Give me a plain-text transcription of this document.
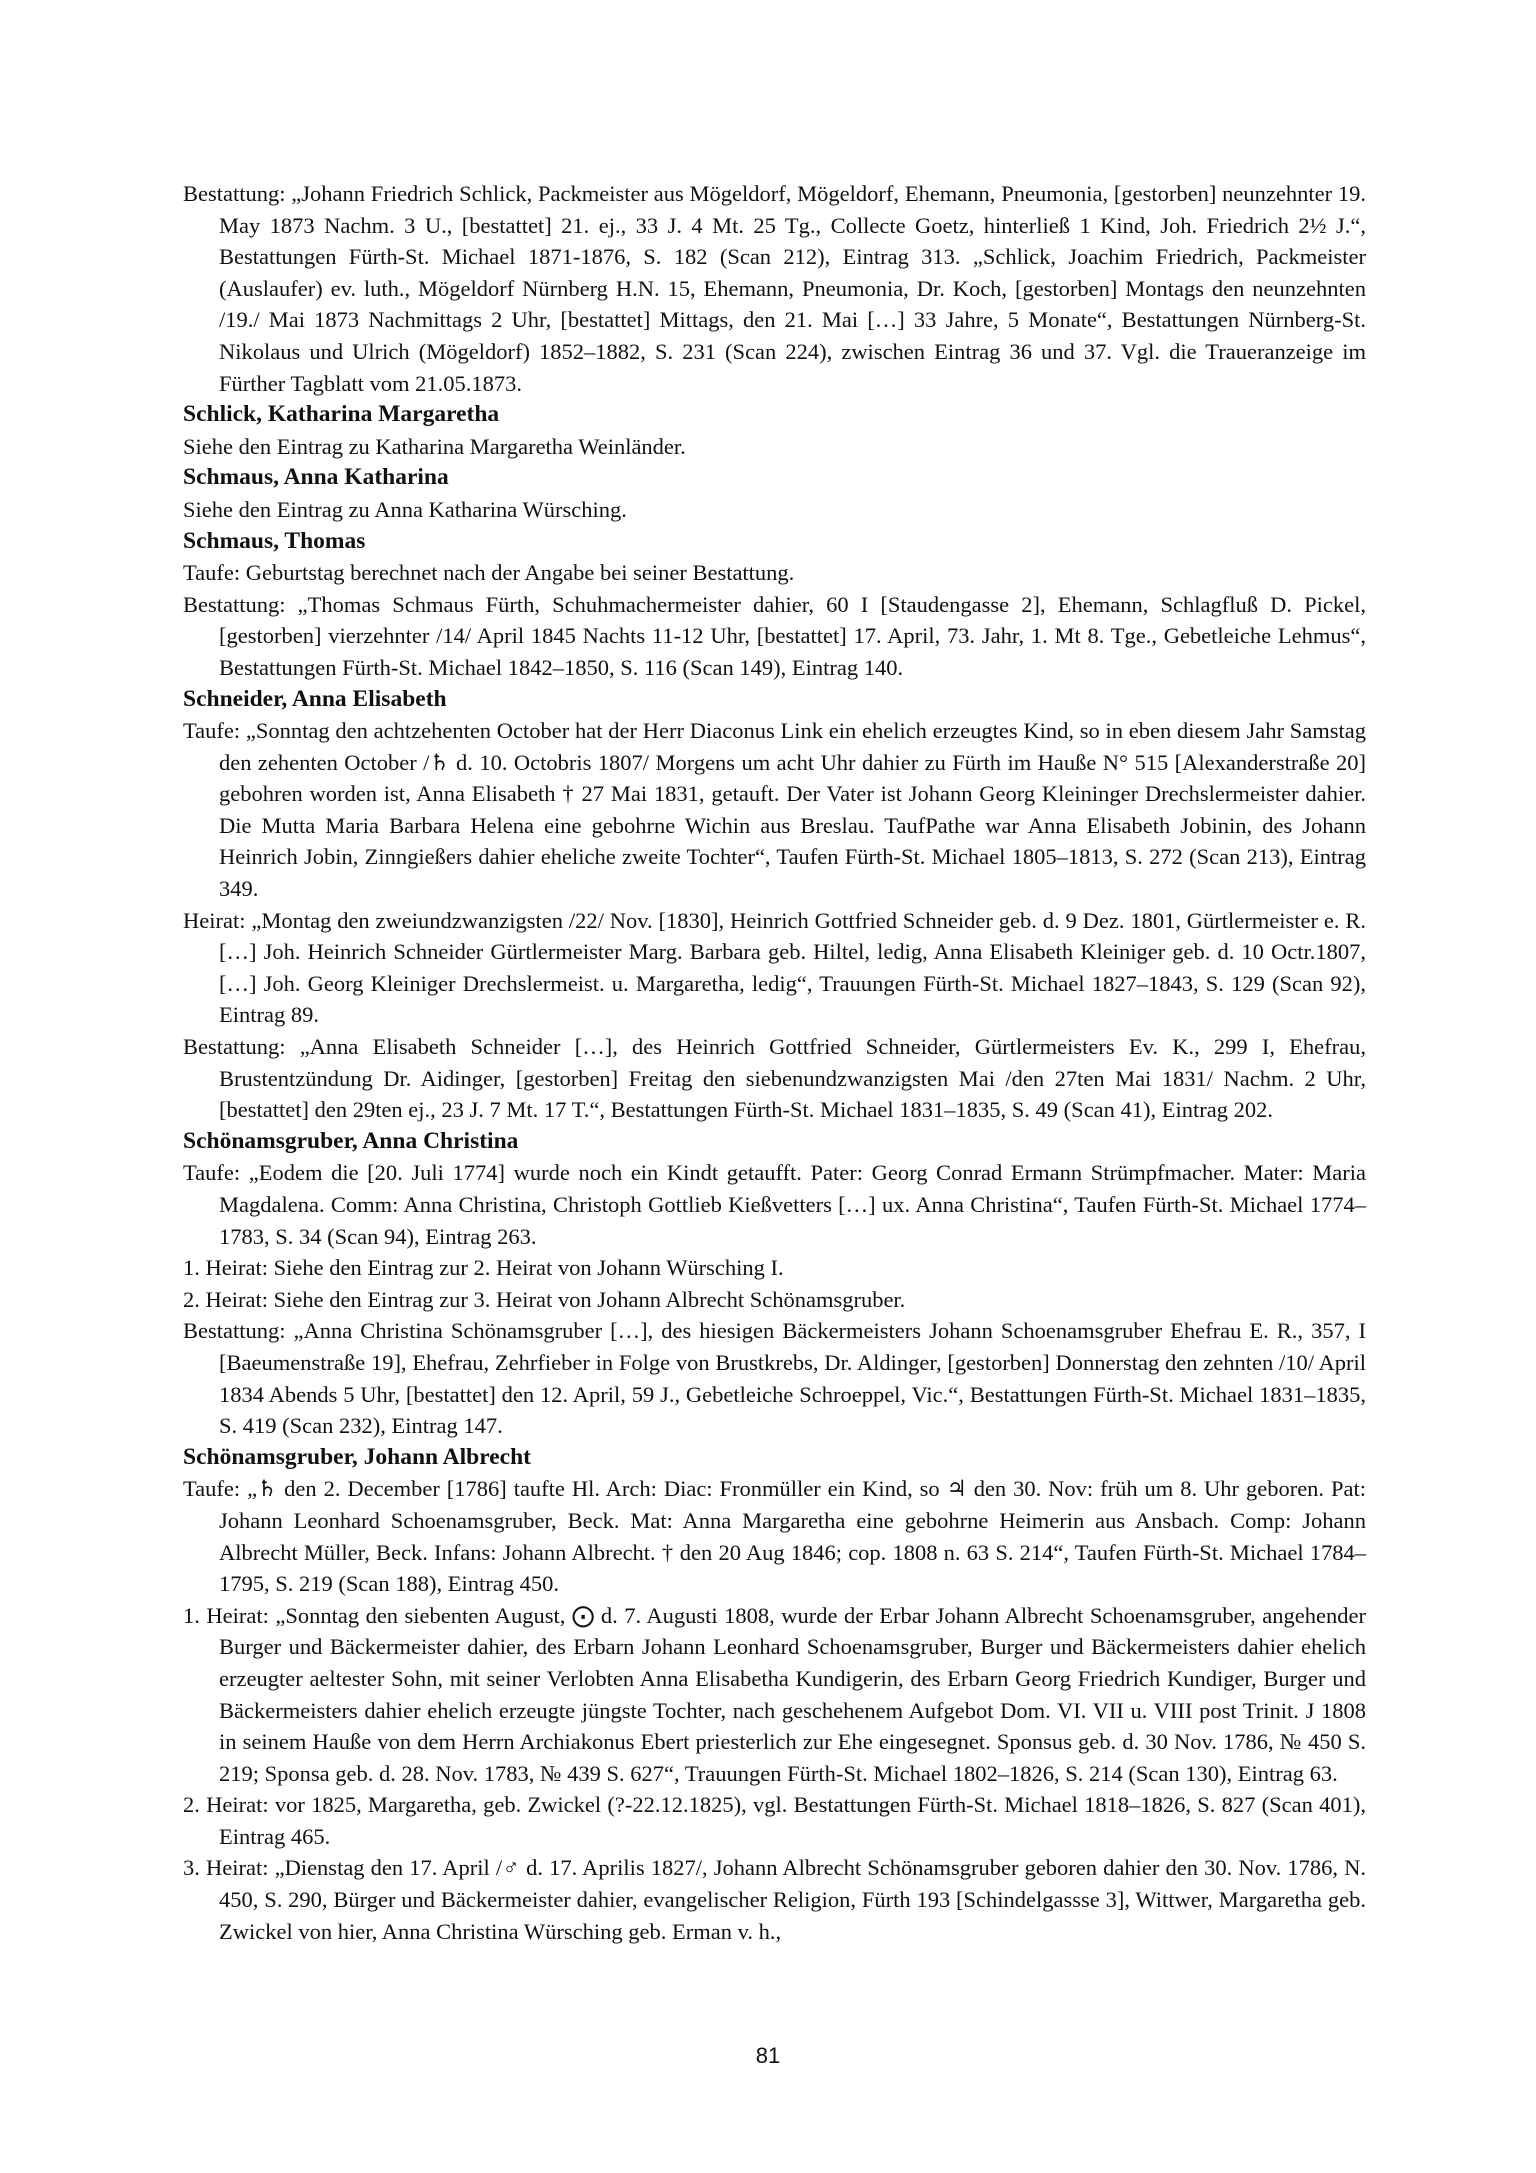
Bestattung: „Johann Friedrich Schlick, Packmeister aus Mögeldorf, Mögeldorf, Ehemann, Pneumonia, [gestorben] neunzehnter 19. May 1873 Nachm. 3 U., [bestattet] 21. ej., 33 J. 4 Mt. 25 Tg., Collecte Goetz, hinterließ 1 Kind, Joh. Friedrich 2½ J.“, Bestattungen Fürth-St. Michael 1871-1876, S. 182 (Scan 212), Eintrag 313. „Schlick, Joachim Friedrich, Packmeister (Auslaufer) ev. luth., Mögeldorf Nürnberg H.N. 15, Ehemann, Pneumonia, Dr. Koch, [gestorben] Montags den neunzehnten /19./ Mai 1873 Nachmittags 2 Uhr, [bestattet] Mittags, den 21. Mai […] 33 Jahre, 5 Monate“, Bestattungen Nürnberg-St. Nikolaus und Ulrich (Mögeldorf) 1852–1882, S. 231 (Scan 224), zwischen Eintrag 36 und 37. Vgl. die Traueranzeige im Fürther Tagblatt vom 21.05.1873.

Schlick, Katharina Margaretha

Siehe den Eintrag zu Katharina Margaretha Weinländer.

Schmaus, Anna Katharina

Siehe den Eintrag zu Anna Katharina Würsching.

Schmaus, Thomas

Taufe: Geburtstag berechnet nach der Angabe bei seiner Bestattung.

Bestattung: „Thomas Schmaus Fürth, Schuhmachermeister dahier, 60 I [Staudengasse 2], Ehemann, Schlagfluß D. Pickel, [gestorben] vierzehnter /14/ April 1845 Nachts 11-12 Uhr, [bestattet] 17. April, 73. Jahr, 1. Mt 8. Tge., Gebetleiche Lehmus“, Bestattungen Fürth-St. Michael 1842–1850, S. 116 (Scan 149), Eintrag 140.

Schneider, Anna Elisabeth

Taufe: „Sonntag den achtzehenten October hat der Herr Diaconus Link ein ehelich erzeugtes Kind, so in eben diesem Jahr Samstag den zehenten October /♄ d. 10. Octobris 1807/ Morgens um acht Uhr dahier zu Fürth im Hauße N° 515 [Alexanderstraße 20] gebohren worden ist, Anna Elisabeth † 27 Mai 1831, getauft. Der Vater ist Johann Georg Kleininger Drechslermeister dahier. Die Mutta Maria Barbara Helena eine gebohrne Wichin aus Breslau. TaufPathe war Anna Elisabeth Jobinin, des Johann Heinrich Jobin, Zinngießers dahier eheliche zweite Tochter“, Taufen Fürth-St. Michael 1805–1813, S. 272 (Scan 213), Eintrag 349.

Heirat: „Montag den zweiundzwanzigsten /22/ Nov. [1830], Heinrich Gottfried Schneider geb. d. 9 Dez. 1801, Gürtlermeister e. R. […] Joh. Heinrich Schneider Gürtlermeister Marg. Barbara geb. Hiltel, ledig, Anna Elisabeth Kleiniger geb. d. 10 Octr.1807, […] Joh. Georg Kleiniger Drechslermeist. u. Margaretha, ledig“, Trauungen Fürth-St. Michael 1827–1843, S. 129 (Scan 92), Eintrag 89.

Bestattung: „Anna Elisabeth Schneider […], des Heinrich Gottfried Schneider, Gürtlermeisters Ev. K., 299 I, Ehefrau, Brustentzündung Dr. Aidinger, [gestorben] Freitag den siebenundzwanzigsten Mai /den 27ten Mai 1831/ Nachm. 2 Uhr, [bestattet] den 29ten ej., 23 J. 7 Mt. 17 T.“, Bestattungen Fürth-St. Michael 1831–1835, S. 49 (Scan 41), Eintrag 202.

Schönamsgruber, Anna Christina

Taufe: „Eodem die [20. Juli 1774] wurde noch ein Kindt getaufft. Pater: Georg Conrad Ermann Strümpfmacher. Mater: Maria Magdalena. Comm: Anna Christina, Christoph Gottlieb Kießvetters […] ux. Anna Christina“, Taufen Fürth-St. Michael 1774–1783, S. 34 (Scan 94), Eintrag 263.

1. Heirat: Siehe den Eintrag zur 2. Heirat von Johann Würsching I.

2. Heirat: Siehe den Eintrag zur 3. Heirat von Johann Albrecht Schönamsgruber.

Bestattung: „Anna Christina Schönamsgruber […], des hiesigen Bäckermeisters Johann Schoenamsgruber Ehefrau E. R., 357, I [Baeumenstraße 19], Ehefrau, Zehrfieber in Folge von Brustkrebs, Dr. Aldinger, [gestorben] Donnerstag den zehnten /10/ April 1834 Abends 5 Uhr, [bestattet] den 12. April, 59 J., Gebetleiche Schroeppel, Vic.“, Bestattungen Fürth-St. Michael 1831–1835, S. 419 (Scan 232), Eintrag 147.

Schönamsgruber, Johann Albrecht

Taufe: „♄ den 2. December [1786] taufte Hl. Arch: Diac: Fronmüller ein Kind, so ♃ den 30. Nov: früh um 8. Uhr geboren. Pat: Johann Leonhard Schoenamsgruber, Beck. Mat: Anna Margaretha eine gebohrne Heimerin aus Ansbach. Comp: Johann Albrecht Müller, Beck. Infans: Johann Albrecht. † den 20 Aug 1846; cop. 1808 n. 63 S. 214“, Taufen Fürth-St. Michael 1784–1795, S. 219 (Scan 188), Eintrag 450.

1. Heirat: „Sonntag den siebenten August, ⨀ d. 7. Augusti 1808, wurde der Erbar Johann Albrecht Schoenamsgruber, angehender Burger und Bäckermeister dahier, des Erbarn Johann Leonhard Schoenamsgruber, Burger und Bäckermeisters dahier ehelich erzeugter aeltester Sohn, mit seiner Verlobten Anna Elisabetha Kundigerin, des Erbarn Georg Friedrich Kundiger, Burger und Bäckermeisters dahier ehelich erzeugte jüngste Tochter, nach geschehenem Aufgebot Dom. VI. VII u. VIII post Trinit. J 1808 in seinem Hauße von dem Herrn Archiakonus Ebert priesterlich zur Ehe eingesegnet. Sponsus geb. d. 30 Nov. 1786, № 450 S. 219; Sponsa geb. d. 28. Nov. 1783, № 439 S. 627“, Trauungen Fürth-St. Michael 1802–1826, S. 214 (Scan 130), Eintrag 63.

2. Heirat: vor 1825, Margaretha, geb. Zwickel (?-22.12.1825), vgl. Bestattungen Fürth-St. Michael 1818–1826, S. 827 (Scan 401), Eintrag 465.

3. Heirat: „Dienstag den 17. April /♂ d. 17. Aprilis 1827/, Johann Albrecht Schönamsgruber geboren dahier den 30. Nov. 1786, N. 450, S. 290, Bürger und Bäckermeister dahier, evangelischer Religion, Fürth 193 [Schindelgassse 3], Wittwer, Margaretha geb. Zwickel von hier, Anna Christina Würsching geb. Erman v. h.,

81
